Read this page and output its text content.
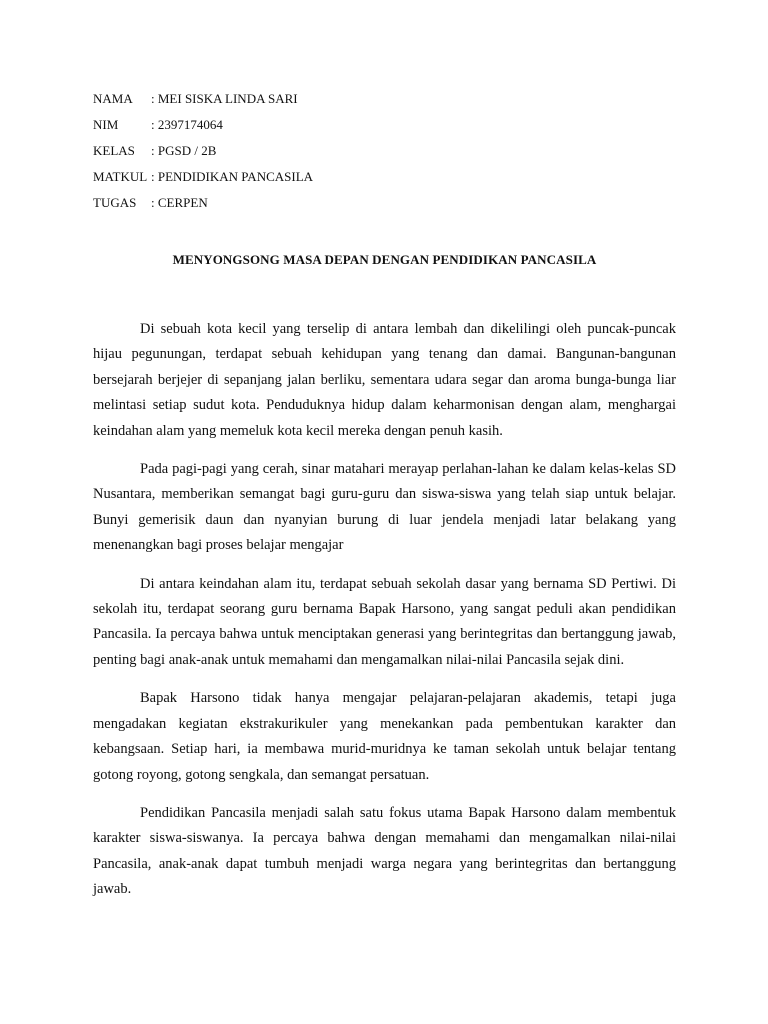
NAMA	: MEI SISKA LINDA SARI
NIM	: 2397174064
KELAS	: PGSD / 2B
MATKUL : PENDIDIKAN PANCASILA
TUGAS	: CERPEN
MENYONGSONG MASA DEPAN DENGAN PENDIDIKAN PANCASILA

Di sebuah kota kecil yang terselip di antara lembah dan dikelilingi oleh puncak-puncak hijau pegunungan, terdapat sebuah kehidupan yang tenang dan damai. Bangunan-bangunan bersejarah berjejer di sepanjang jalan berliku, sementara udara segar dan aroma bunga-bunga liar melintasi setiap sudut kota. Penduduknya hidup dalam keharmonisan dengan alam, menghargai keindahan alam yang memeluk kota kecil mereka dengan penuh kasih.

Pada pagi-pagi yang cerah, sinar matahari merayap perlahan-lahan ke dalam kelas-kelas SD Nusantara, memberikan semangat bagi guru-guru dan siswa-siswa yang telah siap untuk belajar. Bunyi gemerisik daun dan nyanyian burung di luar jendela menjadi latar belakang yang menenangkan bagi proses belajar mengajar

Di antara keindahan alam itu, terdapat sebuah sekolah dasar yang bernama SD Pertiwi. Di sekolah itu, terdapat seorang guru bernama Bapak Harsono, yang sangat peduli akan pendidikan Pancasila. Ia percaya bahwa untuk menciptakan generasi yang berintegritas dan bertanggung jawab, penting bagi anak-anak untuk memahami dan mengamalkan nilai-nilai Pancasila sejak dini.

Bapak Harsono tidak hanya mengajar pelajaran-pelajaran akademis, tetapi juga mengadakan kegiatan ekstrakurikuler yang menekankan pada pembentukan karakter dan kebangsaan. Setiap hari, ia membawa murid-muridnya ke taman sekolah untuk belajar tentang gotong royong, gotong sengkala, dan semangat persatuan.

Pendidikan Pancasila menjadi salah satu fokus utama Bapak Harsono dalam membentuk karakter siswa-siswanya. Ia percaya bahwa dengan memahami dan mengamalkan nilai-nilai Pancasila, anak-anak dapat tumbuh menjadi warga negara yang berintegritas dan bertanggung jawab.
